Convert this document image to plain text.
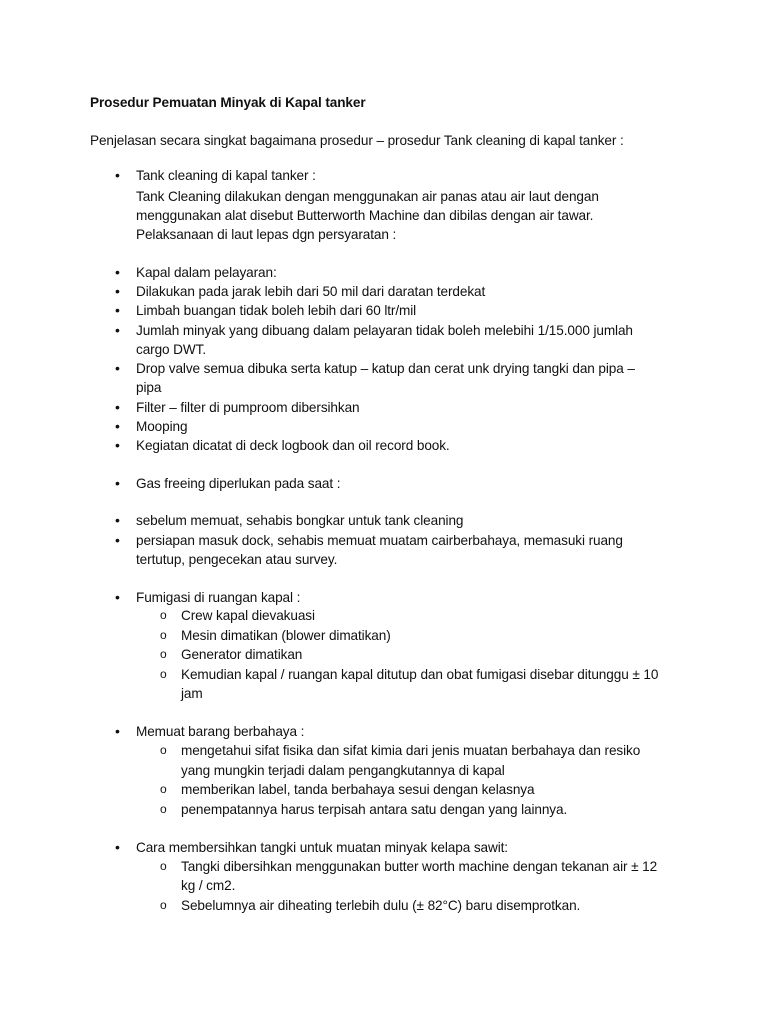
Prosedur Pemuatan Minyak di Kapal tanker
Penjelasan secara singkat bagaimana prosedur – prosedur Tank cleaning di kapal tanker :
• Tank cleaning di kapal tanker :
Tank Cleaning dilakukan dengan menggunakan air panas atau air laut dengan
menggunakan alat disebut Butterworth Machine dan dibilas dengan air tawar.
Pelaksanaan di laut lepas dgn persyaratan :
• Kapal dalam pelayaran:
• Dilakukan pada jarak lebih dari 50 mil dari daratan terdekat
• Limbah buangan tidak boleh lebih dari 60 ltr/mil
• Jumlah minyak yang dibuang dalam pelayaran tidak boleh melebihi 1/15.000 jumlah
cargo DWT.
• Drop valve semua dibuka serta katup – katup dan cerat unk drying tangki dan pipa –
pipa
• Filter – filter di pumproom dibersihkan
• Mooping
• Kegiatan dicatat di deck logbook dan oil record book.
• Gas freeing diperlukan pada saat :
• sebelum memuat, sehabis bongkar untuk tank cleaning
• persiapan masuk dock, sehabis memuat muatam cairberbahaya, memasuki ruang
tertutup, pengecekan atau survey.
• Fumigasi di ruangan kapal :
o Crew kapal dievakuasi
o Mesin dimatikan (blower dimatikan)
o Generator dimatikan
o Kemudian kapal / ruangan kapal ditutup dan obat fumigasi disebar ditunggu ± 10
jam
• Memuat barang berbahaya :
o mengetahui sifat fisika dan sifat kimia dari jenis muatan berbahaya dan resiko
yang mungkin terjadi dalam pengangkutannya di kapal
o memberikan label, tanda berbahaya sesui dengan kelasnya
o penempatannya harus terpisah antara satu dengan yang lainnya.
• Cara membersihkan tangki untuk muatan minyak kelapa sawit:
o Tangki dibersihkan menggunakan butter worth machine dengan tekanan air ± 12
kg / cm2.
o Sebelumnya air diheating terlebih dulu (± 82°C) baru disemprotkan.
